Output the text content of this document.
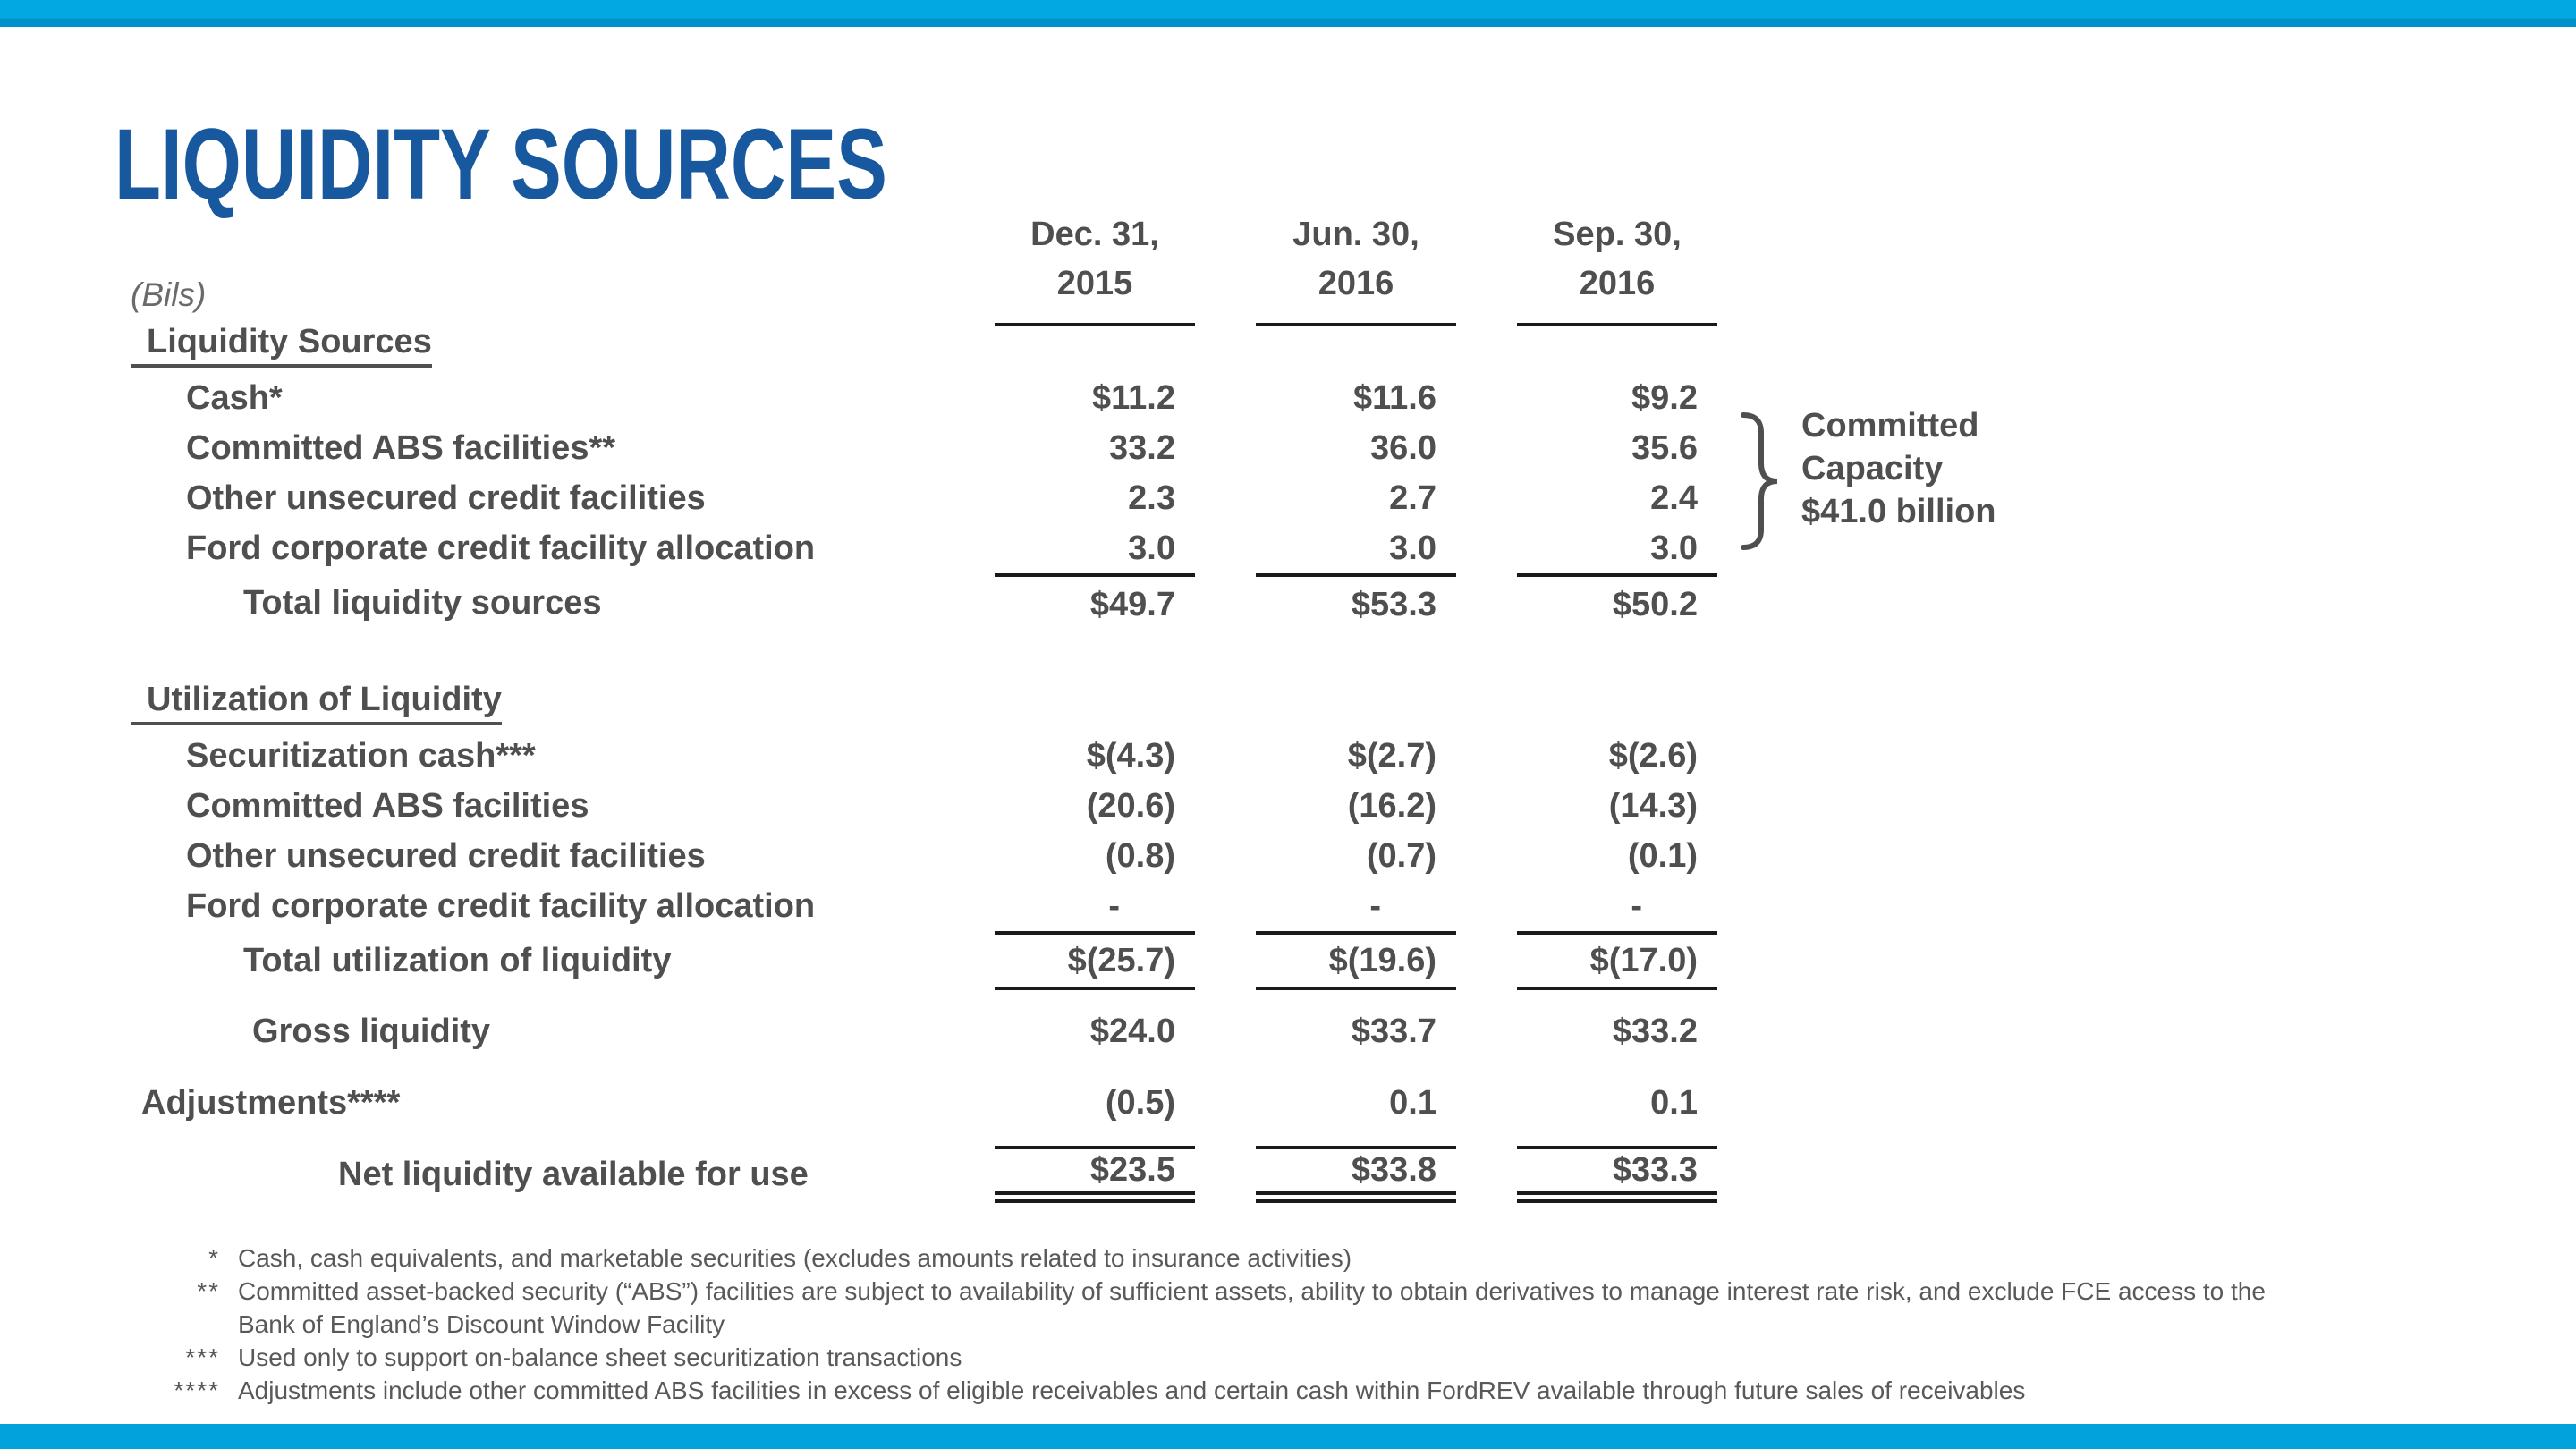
LIQUIDITY SOURCES
(Bils)
Dec. 31,
2015
Jun. 30,
2016
Sep. 30,
2016
Liquidity Sources
Cash*	$11.2	$11.6	$9.2
Committed ABS facilities**	33.2	36.0	35.6
Other unsecured credit facilities	2.3	2.7	2.4
Ford corporate credit facility allocation	3.0	3.0	3.0
Total liquidity sources	$49.7	$53.3	$50.2
Utilization of Liquidity
Securitization cash***	$(4.3)	$(2.7)	$(2.6)
Committed ABS facilities	(20.6)	(16.2)	(14.3)
Other unsecured credit facilities	(0.8)	(0.7)	(0.1)
Ford corporate credit facility allocation	-	-	-
Total utilization of liquidity	$(25.7)	$(19.6)	$(17.0)
Gross liquidity	$24.0	$33.7	$33.2
Adjustments****	(0.5)	0.1	0.1
Net liquidity available for use	$23.5	$33.8	$33.3
Committed
Capacity
$41.0 billion
* Cash, cash equivalents, and marketable securities (excludes amounts related to insurance activities)
** Committed asset-backed security (“ABS”) facilities are subject to availability of sufficient assets, ability to obtain derivatives to manage interest rate risk, and exclude FCE access to the
Bank of England’s Discount Window Facility
*** Used only to support on-balance sheet securitization transactions
**** Adjustments include other committed ABS facilities in excess of eligible receivables and certain cash within FordREV available through future sales of receivables
